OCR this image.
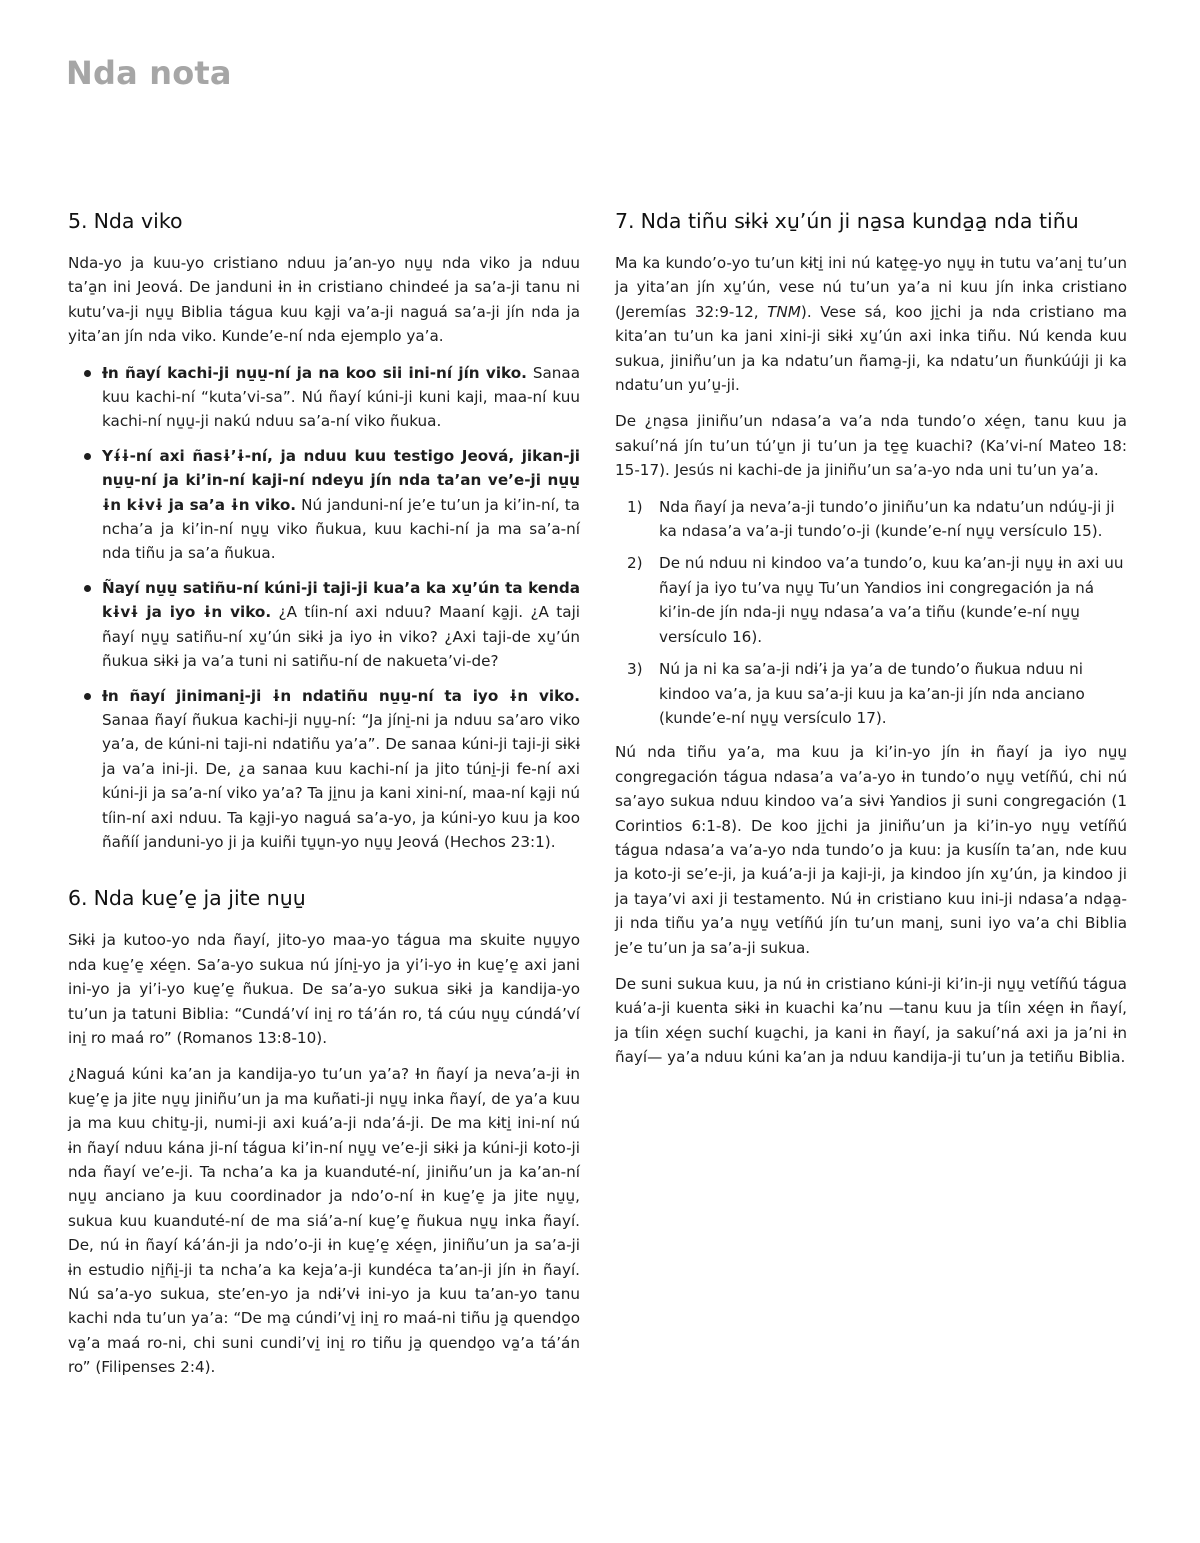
Nda nota
5. Nda viko

Nda-yo ja kuu-yo cristiano nduu ja’an-yo nu̱u̱ nda viko ja nduu ta’a̱n ini Jeová. De janduni ɨn ɨn cristiano chindeé ja sa’a-ji tanu ni kutu’va-ji nu̱u̱ Biblia tágua kuu ka̱ji va’a-ji naguá sa’a-ji jín nda ja yita’an jín nda viko. Kunde’e-ní nda ejemplo ya’a.

Ɨn ñayí kachi-ji nu̱u̱-ní ja na koo sii ini-ní jín viko. Sanaa kuu kachi-ní “kuta’vi-sa”. Nú ñayí kúni-ji kuni kaji, maa-ní kuu kachi-ní nu̱u̱-ji nakú nduu sa’a-ní viko ñukua.
Yɨ́ɨ-ní axi ñasɨ’ɨ-ní, ja nduu kuu testigo Jeová, jikan-ji nu̱u̱-ní ja ki’in-ní kaji-ní ndeyu jín nda ta’an ve’e-ji nu̱u̱ ɨn kɨvɨ ja sa’a ɨn viko. Nú janduni-ní je’e tu’un ja ki’in-ní, ta ncha’a ja ki’in-ní nu̱u̱ viko ñukua, kuu kachi-ní ja ma sa’a-ní nda tiñu ja sa’a ñukua.
Ñayí nu̱u̱ satiñu-ní kúni-ji taji-ji kua’a ka xu̱’ún ta kenda kɨvɨ ja iyo ɨn viko. ¿A tíin-ní axi nduu? Maaní ka̱ji. ¿A taji ñayí nu̱u̱ satiñu-ní xu̱’ún sɨkɨ ja iyo ɨn viko? ¿Axi taji-de xu̱’ún ñukua sɨkɨ ja va’a tuni ni satiñu-ní de nakueta’vi-de?
Ɨn ñayí jinimani̱-ji ɨn ndatiñu nu̱u̱-ní ta iyo ɨn viko. Sanaa ñayí ñukua kachi-ji nu̱u̱-ní: “Ja jíni̱-ni ja nduu sa’aro viko ya’a, de kúni-ni taji-ni ndatiñu ya’a”. De sanaa kúni-ji taji-ji sɨkɨ ja va’a ini-ji. De, ¿a sanaa kuu kachi-ní ja jito túni̱-ji fe-ní axi kúni-ji ja sa’a-ní viko ya’a? Ta ji̱nu ja kani xini-ní, maa-ní ka̱ji nú tíin-ní axi nduu. Ta ka̱ji-yo naguá sa’a-yo, ja kúni-yo kuu ja koo ñañíí janduni-yo ji ja kuiñi tu̱u̱n-yo nu̱u̱ Jeová (Hechos 23:1).
6. Nda kue̱’e̱ ja jite nu̱u̱

Sɨkɨ ja kutoo-yo nda ñayí, jito-yo maa-yo tágua ma skuite nu̱u̱yo nda kue̱’e̱ xée̱n. Sa’a-yo sukua nú jíni̱-yo ja yi’i-yo ɨn kue̱’e̱ axi jani ini-yo ja yi’i-yo kue̱’e̱ ñukua. De sa’a-yo sukua sɨkɨ ja kandija-yo tu’un ja tatuni Biblia: “Cundá’ví ini̱ ro tá’án ro, tá cúu nu̱u̱ cúndá’ví ini̱ ro maá ro” (Romanos 13:8-10).

¿Naguá kúni ka’an ja kandija-yo tu’un ya’a? Ɨn ñayí ja neva’a-ji ɨn kue̱’e̱ ja jite nu̱u̱ jiniñu’un ja ma kuñati-ji nu̱u̱ inka ñayí, de ya’a kuu ja ma kuu chitu̱-ji, numi-ji axi kuá’a-ji nda’á-ji. De ma kɨti̱ ini-ní nú ɨn ñayí nduu kána ji-ní tágua ki’in-ní nu̱u̱ ve’e-ji sɨkɨ ja kúni-ji koto-ji nda ñayí ve’e-ji. Ta ncha’a ka ja kuanduté-ní, jiniñu’un ja ka’an-ní nu̱u̱ anciano ja kuu coordinador ja ndo’o-ní ɨn kue̱’e̱ ja jite nu̱u̱, sukua kuu kuanduté-ní de ma siá’a-ní kue̱’e̱ ñukua nu̱u̱ inka ñayí. De, nú ɨn ñayí ká’án-ji ja ndo’o-ji ɨn kue̱’e̱ xée̱n, jiniñu’un ja sa’a-ji ɨn estudio ni̱ñi̱-ji ta ncha’a ka keja’a-ji kundéca ta’an-ji jín ɨn ñayí. Nú sa’a-yo sukua, ste’en-yo ja ndɨ’vɨ ini-yo ja kuu ta’an-yo tanu kachi nda tu’un ya’a: “De ma̱ cúndi’vi̱ ini̱ ro maá-ni tiñu ja̱ quendo̱o va̱’a maá ro-ni, chi suni cundi’vi̱ ini̱ ro tiñu ja̱ quendo̱o va̱’a tá’án ro” (Filipenses 2:4).

7. Nda tiñu sɨkɨ xu̱’ún ji na̱sa kunda̱a̱ nda tiñu

Ma ka kundo’o-yo tu’un kɨti̱ ini nú kate̱e̱-yo nu̱u̱ ɨn tutu va’ani̱ tu’un ja yita’an jín xu̱’ún, vese nú tu’un ya’a ni kuu jín inka cristiano (Jeremías 32:9-12, TNM). Vese sá, koo ji̱chi ja nda cristiano ma kita’an tu’un ka jani xini-ji sɨkɨ xu̱’ún axi inka tiñu. Nú kenda kuu sukua, jiniñu’un ja ka ndatu’un ñama̱-ji, ka ndatu’un ñunkúúji ji ka ndatu’un yu’u̱-ji.

De ¿na̱sa jiniñu’un ndasa’a va’a nda tundo’o xée̱n, tanu kuu ja sakuí’ná jín tu’un tú’u̱n ji tu’un ja te̱e̱ kuachi? (Ka’vi-ní Mateo 18: 15-17). Jesús ni kachi-de ja jiniñu’un sa’a-yo nda uni tu’un ya’a.

1) Nda ñayí ja neva’a-ji tundo’o jiniñu’un ka ndatu’un ndúu̱-ji ji ka ndasa’a va’a-ji tundo’o-ji (kunde’e-ní nu̱u̱ versículo 15).
2) De nú nduu ni kindoo va’a tundo’o, kuu ka’an-ji nu̱u̱ ɨn axi uu ñayí ja iyo tu’va nu̱u̱ Tu’un Yandios ini congregación ja ná ki’in-de jín nda-ji nu̱u̱ ndasa’a va’a tiñu (kunde’e-ní nu̱u̱ versículo 16).
3) Nú ja ni ka sa’a-ji ndɨ’ɨ ja ya’a de tundo’o ñukua nduu ni kindoo va’a, ja kuu sa’a-ji kuu ja ka’an-ji jín nda anciano (kunde’e-ní nu̱u̱ versículo 17).

Nú nda tiñu ya’a, ma kuu ja ki’in-yo jín ɨn ñayí ja iyo nu̱u̱ congregación tágua ndasa’a va’a-yo ɨn tundo’o nu̱u̱ vetíñú, chi nú sa’ayo sukua nduu kindoo va’a sɨvɨ Yandios ji suni congregación (1 Corintios 6:1-8). De koo ji̱chi ja jiniñu’un ja ki’in-yo nu̱u̱ vetíñú tágua ndasa’a va’a-yo nda tundo’o ja kuu: ja kusíín ta’an, nde kuu ja koto-ji se’e-ji, ja kuá’a-ji ja kaji-ji, ja kindoo jín xu̱’ún, ja kindoo ji ja taya’vi axi ji testamento. Nú ɨn cristiano kuu ini-ji ndasa’a nda̱a̱-ji nda tiñu ya’a nu̱u̱ vetíñú jín tu’un mani̱, suni iyo va’a chi Biblia je’e tu’un ja sa’a-ji sukua.

De suni sukua kuu, ja nú ɨn cristiano kúni-ji ki’in-ji nu̱u̱ vetíñú tágua kuá’a-ji kuenta sɨkɨ ɨn kuachi ka’nu —tanu kuu ja tíin xée̱n ɨn ñayí, ja tíin xée̱n suchí kua̱chi, ja kani ɨn ñayí, ja sakuí’ná axi ja ja’ni ɨn ñayí— ya’a nduu kúni ka’an ja nduu kandija-ji tu’un ja tetiñu Biblia.
